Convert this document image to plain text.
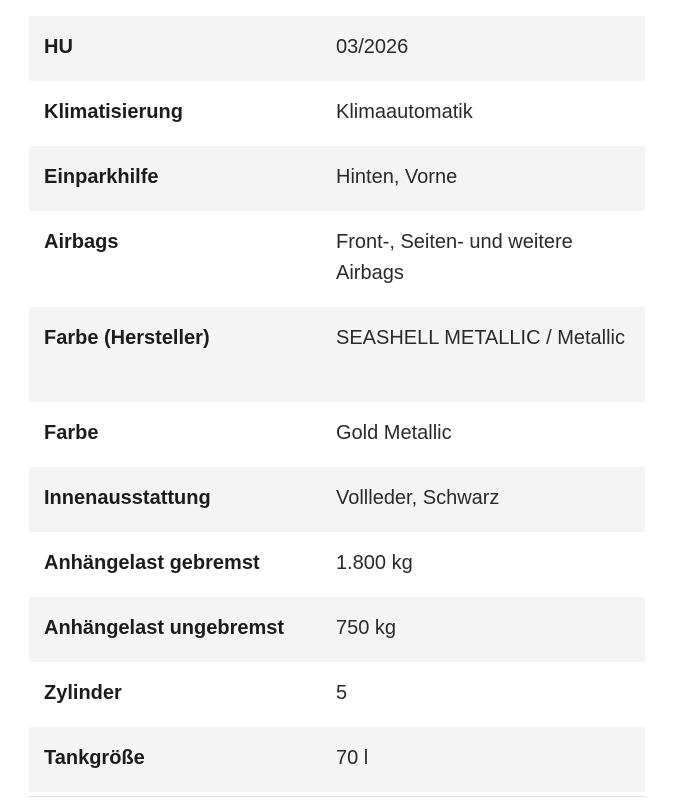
HU	03/2026
Klimatisierung	Klimaautomatik
Einparkhilfe	Hinten, Vorne
Airbags	Front-, Seiten- und weitere Airbags
Farbe (Hersteller)	SEASHELL METALLIC / Metallic
Farbe	Gold Metallic
Innenausstattung	Vollleder, Schwarz
Anhängelast gebremst	1.800 kg
Anhängelast ungebremst	750 kg
Zylinder	5
Tankgröße	70 l
